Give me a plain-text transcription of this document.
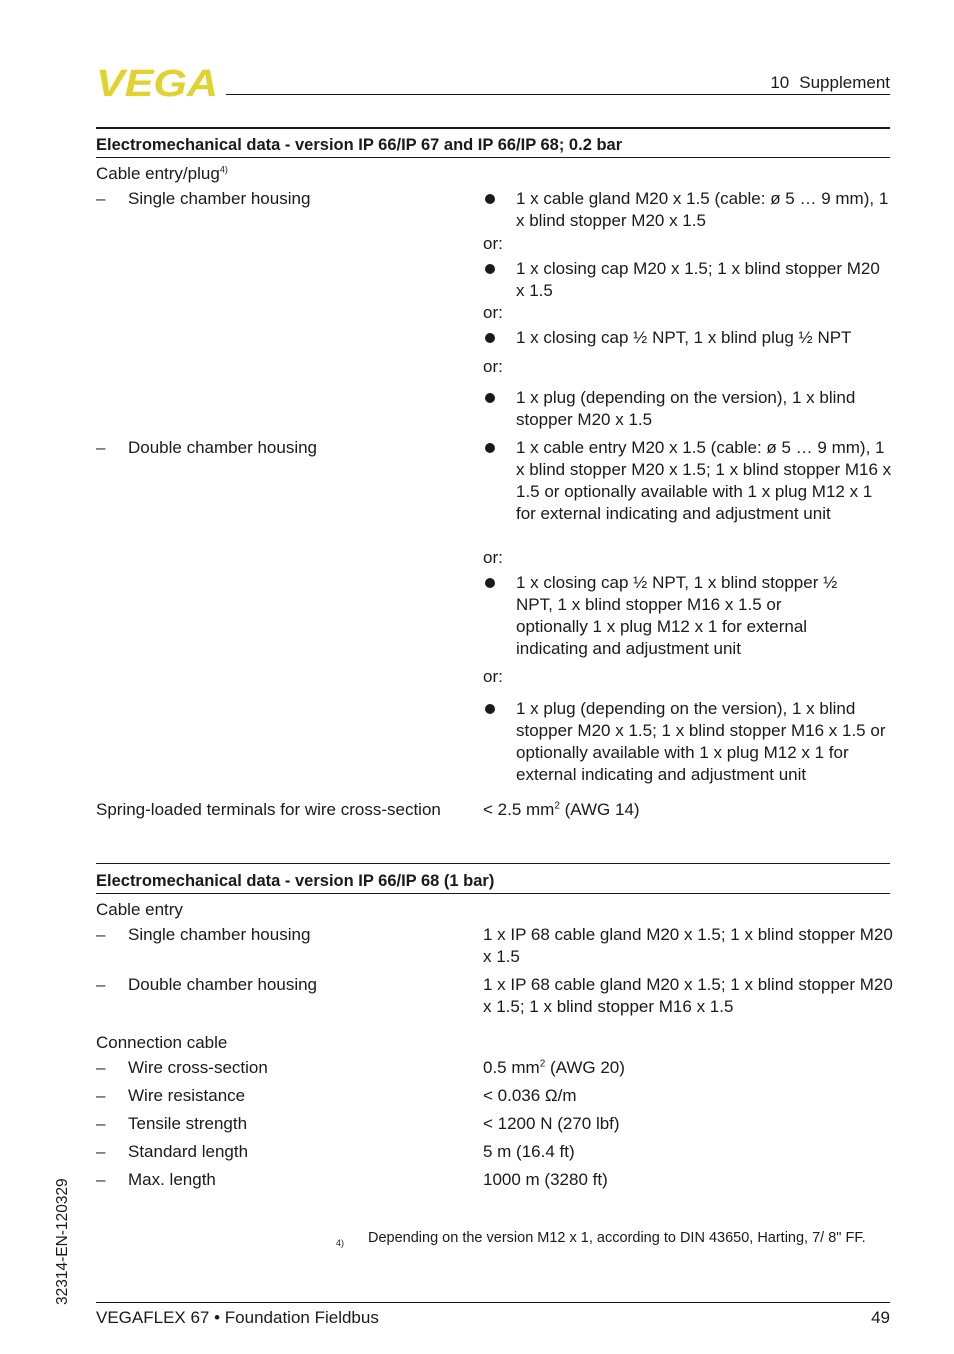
VEGA	10 Supplement
Electromechanical data - version IP 66/IP 67 and IP 66/IP 68; 0.2 bar
Cable entry/plug$^{4)}$
– Single chamber housing	1 x cable gland M20 x 1.5 (cable: ø 5 … 9 mm), 1 x blind stopper M20 x 1.5
or:
1 x closing cap M20 x 1.5; 1 x blind stopper M20 x 1.5
or:
1 x closing cap ½ NPT, 1 x blind plug ½ NPT
or:
1 x plug (depending on the version), 1 x blind stopper M20 x 1.5
– Double chamber housing	1 x cable entry M20 x 1.5 (cable: ø 5 … 9 mm), 1 x blind stopper M20 x 1.5; 1 x blind stopper M16 x 1.5 or optionally available with 1 x plug M12 x 1 for external indicating and adjustment unit
or:
1 x closing cap ½ NPT, 1 x blind stopper ½ NPT, 1 x blind stopper M16 x 1.5 or optionally 1 x plug M12 x 1 for external indicating and adjustment unit
or:
1 x plug (depending on the version), 1 x blind stopper M20 x 1.5; 1 x blind stopper M16 x 1.5 or optionally available with 1 x plug M12 x 1 for external indicating and adjustment unit
Spring-loaded terminals for wire cross-section	< 2.5 $mm^2$ (AWG 14)
Electromechanical data - version IP 66/IP 68 (1 bar)
Cable entry
– Single chamber housing	1 x IP 68 cable gland M20 x 1.5; 1 x blind stopper M20 x 1.5
– Double chamber housing	1 x IP 68 cable gland M20 x 1.5; 1 x blind stopper M20 x 1.5; 1 x blind stopper M16 x 1.5
Connection cable
– Wire cross-section	0.5 $mm^2$ (AWG 20)
– Wire resistance	< 0.036 Ω/m
– Tensile strength	< 1200 N (270 lbf)
– Standard length	5 m (16.4 ft)
– Max. length	1000 m (3280 ft)
4) Depending on the version M12 x 1, according to DIN 43650, Harting, 7/ 8" FF.
32314-EN-120329
VEGAFLEX 67 • Foundation Fieldbus	49
